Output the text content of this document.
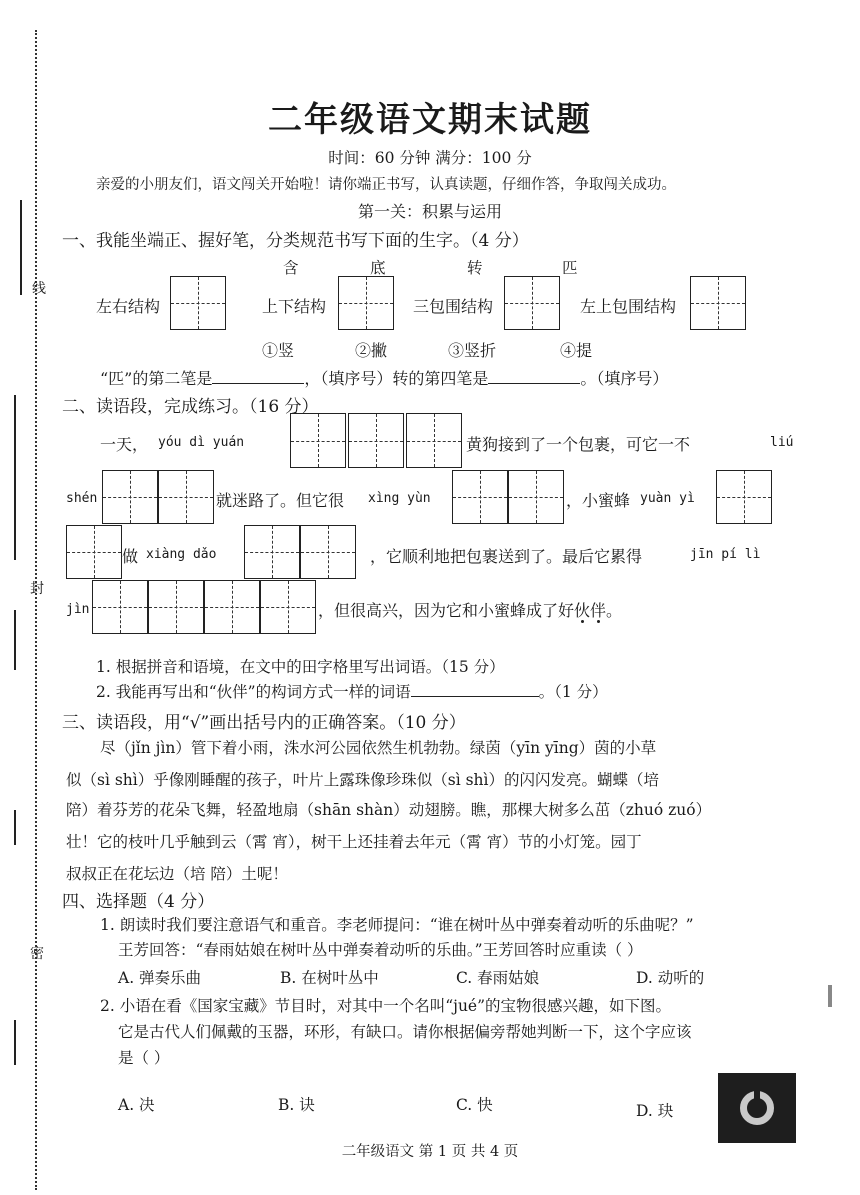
线
封
密
二年级语文期末试题
时间：60 分钟 满分：100 分
亲爱的小朋友们，语文闯关开始啦！请你端正书写，认真读题，仔细作答，争取闯关成功。
第一关：积累与运用
一、我能坐端正、握好笔，分类规范书写下面的生字。（4 分）
含	底	转	匹
左右结构	上下结构	三包围结构	左上包围结构
①竖	②撇	③竖折	④提
“匹”的第二笔是	，（填序号）转的第四笔是	。（填序号）
二、读语段，完成练习。（16 分）
一天， yóu dì yuán	黄狗接到了一个包裹，可它一不	liú
shén	就迷路了。但它很 xìng yùn	，小蜜蜂 yuàn yì
做 xiàng dǎo	，它顺利地把包裹送到了。最后它累得	jīn pí lì
jìn	，但很高兴，因为它和小蜜蜂成了好伙伴。
1. 根据拼音和语境，在文中的田字格里写出词语。（15 分）
2. 我能再写出和“伙伴”的构词方式一样的词语	。（1 分）
三、读语段，用“√”画出括号内的正确答案。（10 分）
尽（jǐn jìn）管下着小雨，洙水河公园依然生机勃勃。绿茵（yīn yīng）茵的小草
似（sì shì）乎像刚睡醒的孩子，叶片上露珠像珍珠似（sì shì）的闪闪发亮。蝴蝶（培
陪）着芬芳的花朵飞舞，轻盈地扇（shān shàn）动翅膀。瞧，那棵大树多么茁（zhuó zuó）
壮！它的枝叶几乎触到云（霄 宵），树干上还挂着去年元（霄 宵）节的小灯笼。园丁
叔叔正在花坛边（培 陪）土呢！
四、选择题（4 分）
1. 朗读时我们要注意语气和重音。李老师提问：“谁在树叶丛中弹奏着动听的乐曲呢？”
王芳回答：“春雨姑娘在树叶丛中弹奏着动听的乐曲。”王芳回答时应重读（ ）
A. 弹奏乐曲	B. 在树叶丛中	C. 春雨姑娘	D. 动听的
2. 小语在看《国家宝藏》节目时，对其中一个名叫“jué”的宝物很感兴趣，如下图。
它是古代人们佩戴的玉器，环形，有缺口。请你根据偏旁帮她判断一下，这个字应该
是（ ）
A. 决	B. 诀	C. 快	D. 玦
二年级语文 第 1 页 共 4 页
